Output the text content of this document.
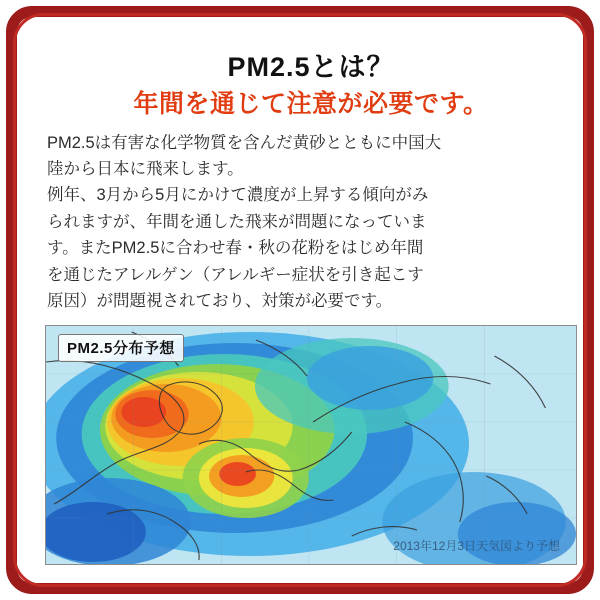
PM2.5とは？
年間を通じて注意が必要です。

PM2.5は有害な化学物質を含んだ黄砂とともに中国大

陸から日本に飛来します。

例年、3月から5月にかけて濃度が上昇する傾向がみ

られますが、年間を通した飛来が問題になっていま

す。またPM2.5に合わせ春・秋の花粉をはじめ年間

を通じたアレルゲン（アレルギー症状を引き起こす

原因）が問題視されており、対策が必要です。

PM2.5分布予想
2013年12月3日天気図より予想
